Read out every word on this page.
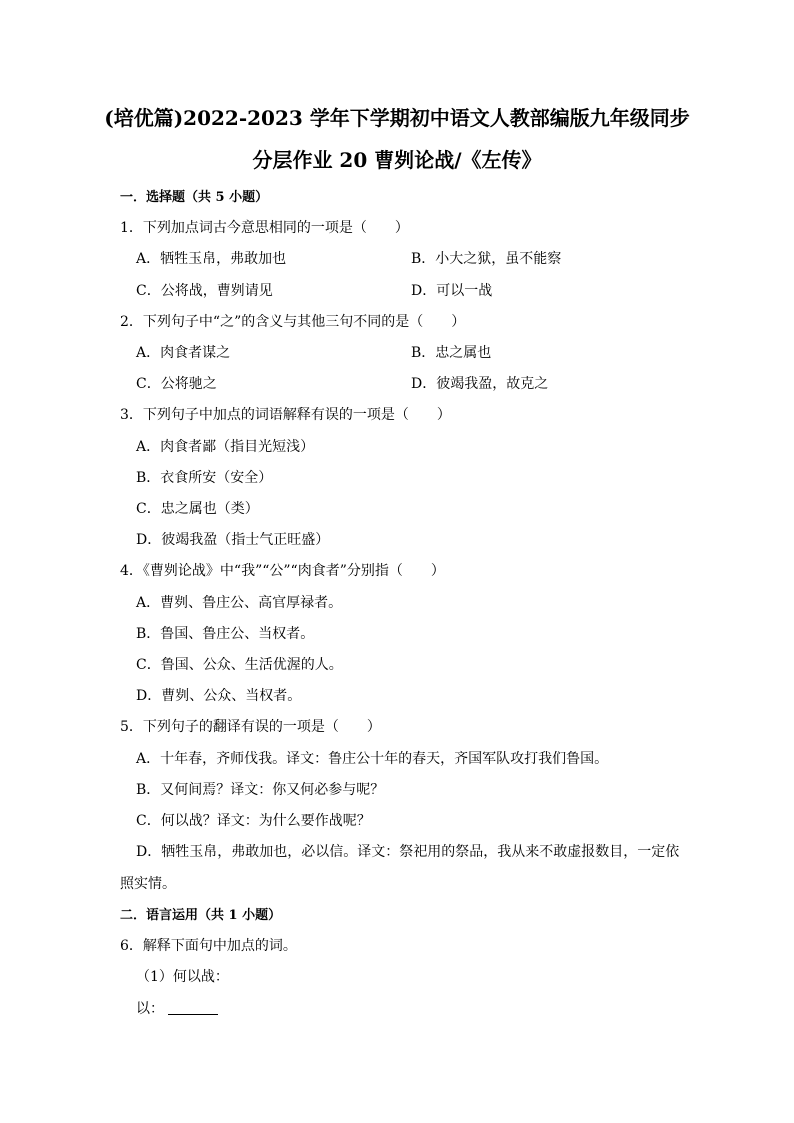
(培优篇)2022-2023 学年下学期初中语文人教部编版九年级同步
分层作业 20 曹刿论战/《左传》
一．选择题（共 5 小题）
1．下列加点词古今意思相同的一项是（　　）
A．牺牲玉帛，弗敢加也	B．小大之狱，虽不能察
C．公将战，曹刿请见	D．可以一战
2．下列句子中“之”的含义与其他三句不同的是（　　）
A．肉食者谋之	B．忠之属也
C．公将驰之	D．彼竭我盈，故克之
3．下列句子中加点的词语解释有误的一项是（　　）
A．肉食者鄙（指目光短浅）
B．衣食所安（安全）
C．忠之属也（类）
D．彼竭我盈（指士气正旺盛）
4．《曹刿论战》中“我”“公”“肉食者”分别指（　　）
A．曹刿、鲁庄公、高官厚禄者。
B．鲁国、鲁庄公、当权者。
C．鲁国、公众、生活优渥的人。
D．曹刿、公众、当权者。
5．下列句子的翻译有误的一项是（　　）
A．十年春，齐师伐我。译文：鲁庄公十年的春天，齐国军队攻打我们鲁国。
B．又何间焉？译文：你又何必参与呢？
C．何以战？译文：为什么要作战呢？
D．牺牲玉帛，弗敢加也，必以信。译文：祭祀用的祭品，我从来不敢虚报数目，一定依
照实情。
二．语言运用（共 1 小题）
6．解释下面句中加点的词。
（1）何以战：
以：
